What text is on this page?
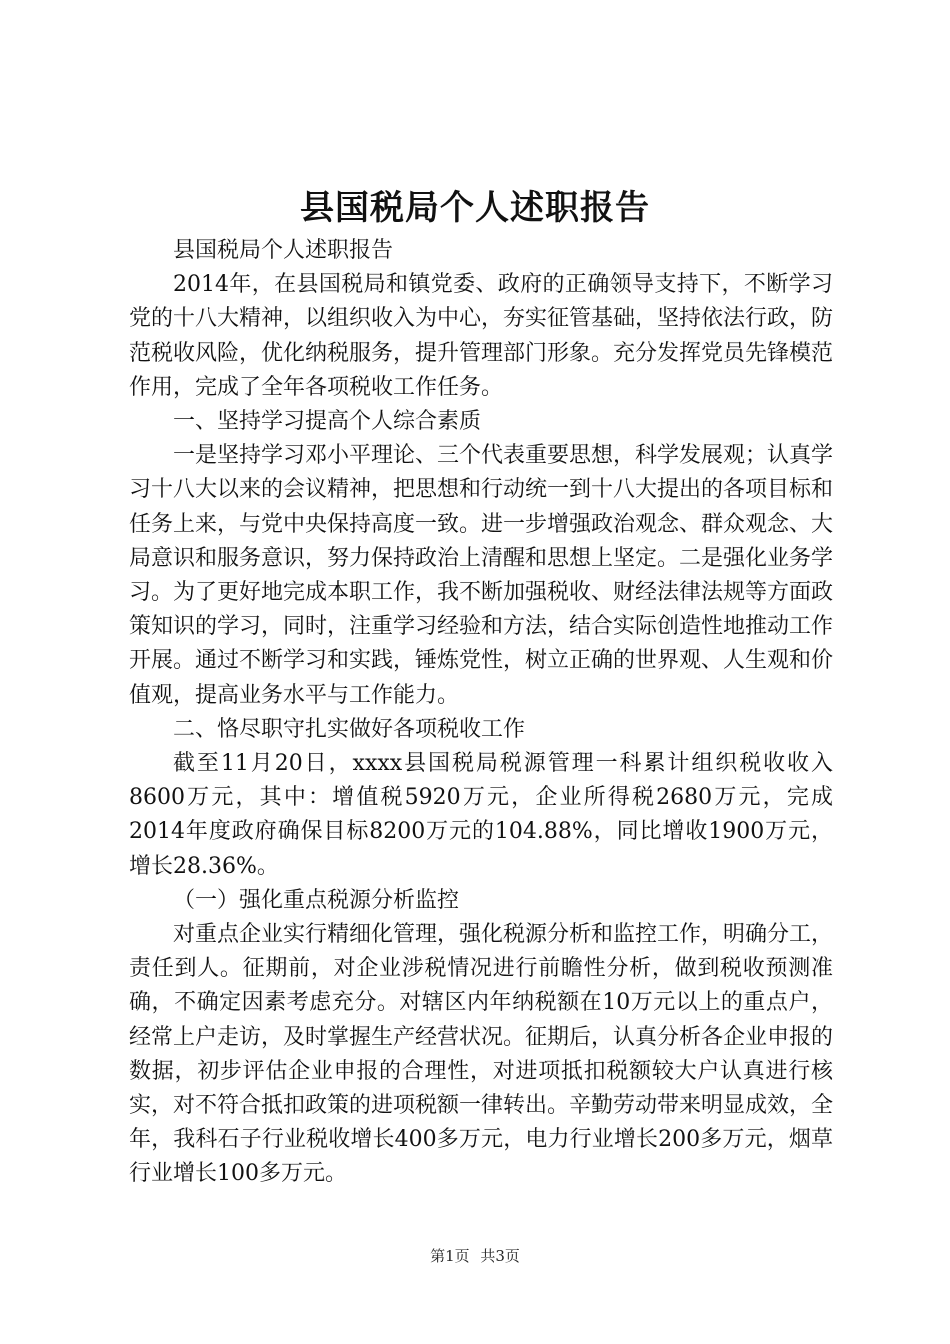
县国税局个人述职报告

县国税局个人述职报告

2014年，在县国税局和镇党委、政府的正确领导支持下，不断学习党的十八大精神，以组织收入为中心，夯实征管基础，坚持依法行政，防范税收风险，优化纳税服务，提升管理部门形象。充分发挥党员先锋模范作用，完成了全年各项税收工作任务。

一、坚持学习提高个人综合素质

一是坚持学习邓小平理论、三个代表重要思想，科学发展观；认真学习十八大以来的会议精神，把思想和行动统一到十八大提出的各项目标和任务上来，与党中央保持高度一致。进一步增强政治观念、群众观念、大局意识和服务意识，努力保持政治上清醒和思想上坚定。二是强化业务学习。为了更好地完成本职工作，我不断加强税收、财经法律法规等方面政策知识的学习，同时，注重学习经验和方法，结合实际创造性地推动工作开展。通过不断学习和实践，锤炼党性，树立正确的世界观、人生观和价值观，提高业务水平与工作能力。

二、恪尽职守扎实做好各项税收工作

截至11月20日，xxxx县国税局税源管理一科累计组织税收收入8600万元，其中：增值税5920万元，企业所得税2680万元，完成2014年度政府确保目标8200万元的104.88%，同比增收1900万元，增长28.36%。

（一）强化重点税源分析监控

对重点企业实行精细化管理，强化税源分析和监控工作，明确分工，责任到人。征期前，对企业涉税情况进行前瞻性分析，做到税收预测准确，不确定因素考虑充分。对辖区内年纳税额在10万元以上的重点户，经常上户走访，及时掌握生产经营状况。征期后，认真分析各企业申报的数据，初步评估企业申报的合理性，对进项抵扣税额较大户认真进行核实，对不符合抵扣政策的进项税额一律转出。辛勤劳动带来明显成效，全年，我科石子行业税收增长400多万元，电力行业增长200多万元，烟草行业增长100多万元。

第1页 共3页
